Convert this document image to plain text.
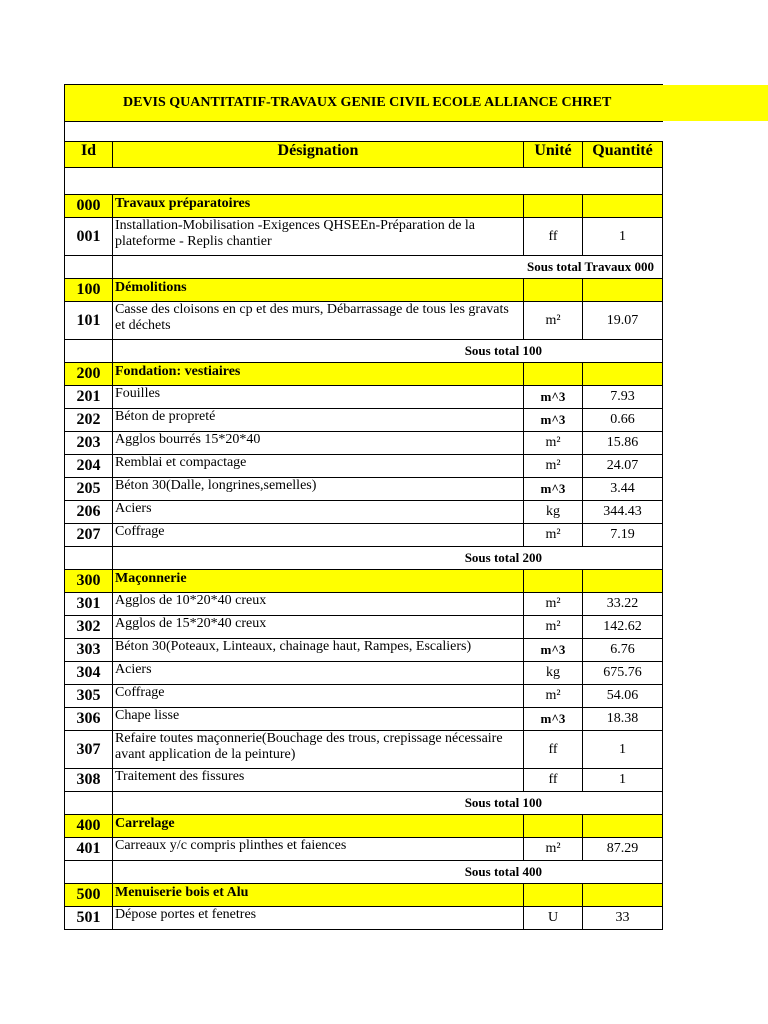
DEVIS QUANTITATIF-TRAVAUX GENIE CIVIL ECOLE ALLIANCE CHRET			

Id	Désignation	Unité	Quantité

000	Travaux préparatoires		
001	Installation-Mobilisation -Exigences QHSEEn-Préparation de la plateforme - Replis chantier	ff	1
	Sous total Travaux 000		
100	Démolitions		
101	Casse des cloisons en cp et des murs, Débarrassage de tous les gravats et déchets	m²	19.07
	Sous total 100		
200	Fondation: vestiaires		
201	Fouilles	m^3	7.93
202	Béton de propreté	m^3	0.66
203	Agglos bourrés 15*20*40	m²	15.86
204	Remblai et compactage	m²	24.07
205	Béton 30(Dalle, longrines,semelles)	m^3	3.44
206	Aciers	kg	344.43
207	Coffrage	m²	7.19
	Sous total 200		
300	Maçonnerie		
301	Agglos de 10*20*40 creux	m²	33.22
302	Agglos de 15*20*40 creux	m²	142.62
303	Béton 30(Poteaux, Linteaux, chainage haut, Rampes, Escaliers)	m^3	6.76
304	Aciers	kg	675.76
305	Coffrage	m²	54.06
306	Chape lisse	m^3	18.38
307	Refaire toutes maçonnerie(Bouchage des trous, crepissage nécessaire avant application de la peinture)	ff	1
308	Traitement des fissures	ff	1
	Sous total 100		
400	Carrelage		
401	Carreaux y/c compris plinthes et faiences	m²	87.29
	Sous total 400		
500	Menuiserie bois et Alu		
501	Dépose portes et fenetres	U	33
